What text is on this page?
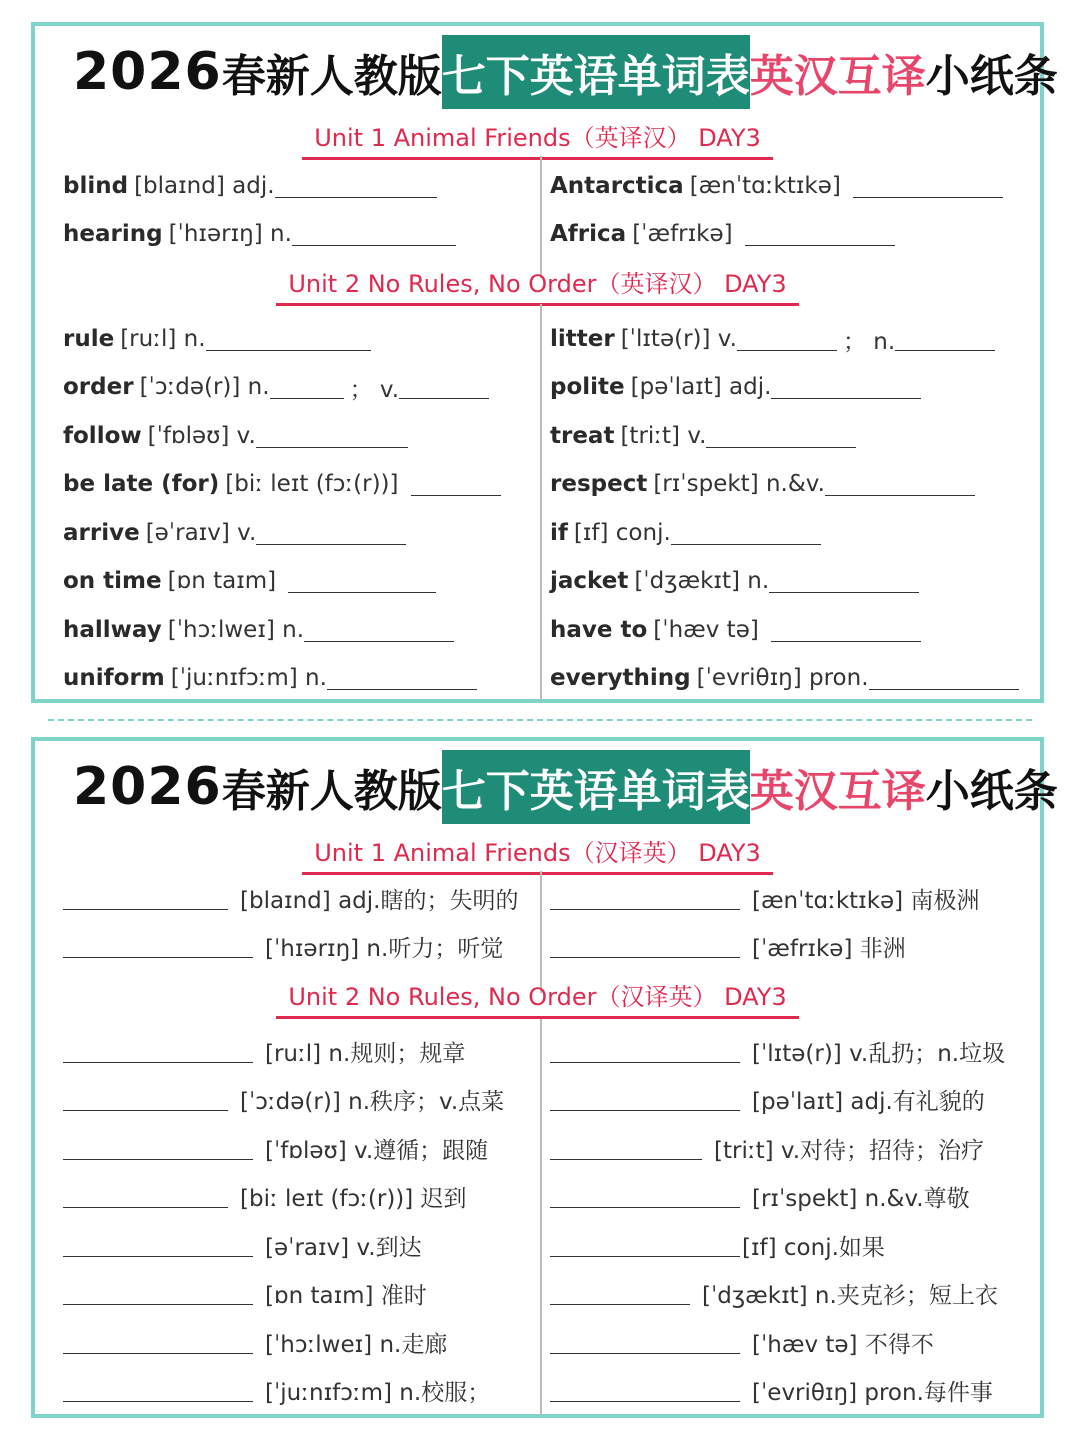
2026 春新人教版 七下英语单词表 英汉互译 小纸条
Unit 1 Animal Friends（英译汉） DAY3
blind [blaɪnd] adj.
hearing [ˈhɪərɪŋ] n.
Antarctica [ænˈtɑːktɪkə]
Africa [ˈæfrɪkə]
Unit 2 No Rules, No Order（英译汉） DAY3
rule [ruːl] n.
order [ˈɔːdə(r)] n.	； v.
follow [ˈfɒləʊ] v.
be late (for) [biː leɪt (fɔː(r))]
arrive [əˈraɪv] v.
on time [ɒn taɪm]
hallway [ˈhɔːlweɪ] n.
uniform [ˈjuːnɪfɔːm] n.
litter [ˈlɪtə(r)] v.	； n.
polite [pəˈlaɪt] adj.
treat [triːt] v.
respect [rɪˈspekt] n.&v.
if [ɪf] conj.
jacket [ˈdʒækɪt] n.
have to [ˈhæv tə]
everything [ˈevriθɪŋ] pron.
2026 春新人教版 七下英语单词表 英汉互译 小纸条
Unit 1 Animal Friends（汉译英） DAY3
[blaɪnd] adj.瞎的；失明的
[ˈhɪərɪŋ] n.听力；听觉
[ænˈtɑːktɪkə] 南极洲
[ˈæfrɪkə] 非洲
Unit 2 No Rules, No Order（汉译英） DAY3
[ruːl] n.规则；规章
[ˈɔːdə(r)] n.秩序；v.点菜
[ˈfɒləʊ] v.遵循；跟随
[biː leɪt (fɔː(r))] 迟到
[əˈraɪv] v.到达
[ɒn taɪm] 准时
[ˈhɔːlweɪ] n.走廊
[ˈjuːnɪfɔːm] n.校服；
[ˈlɪtə(r)] v.乱扔；n.垃圾
[pəˈlaɪt] adj.有礼貌的
[triːt] v.对待；招待；治疗
[rɪˈspekt] n.&v.尊敬
[ɪf] conj.如果
[ˈdʒækɪt] n.夹克衫；短上衣
[ˈhæv tə] 不得不
[ˈevriθɪŋ] pron.每件事
